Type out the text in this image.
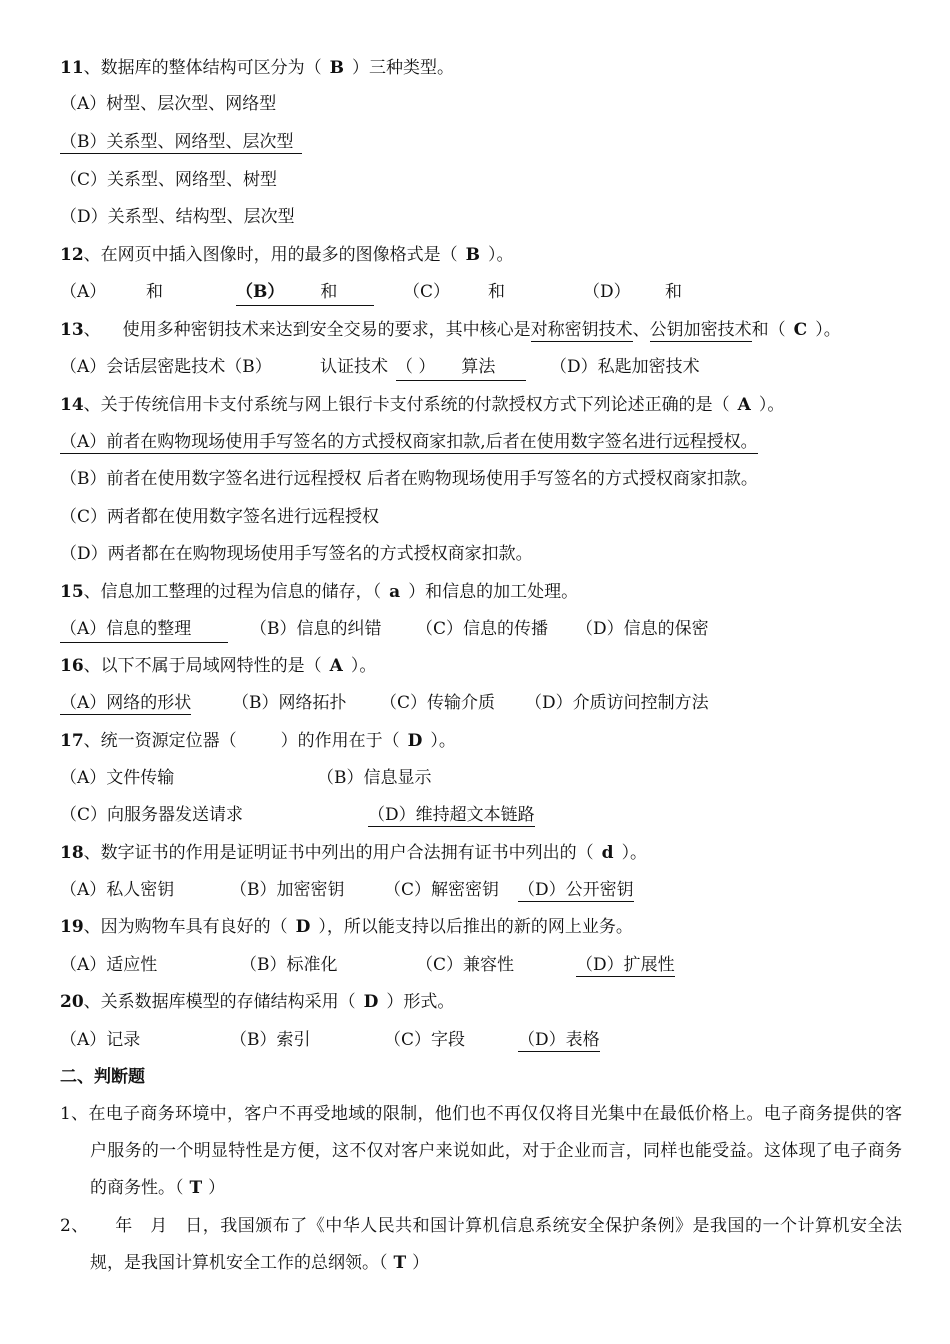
11、数据库的整体结构可区分为（ B ）三种类型。
（A）树型、层次型、网络型
（B）关系型、网络型、层次型
（C）关系型、网络型、树型
（D）关系型、结构型、层次型
12、在网页中插入图像时，用的最多的图像格式是（ B ）。
（A） 和	（B） 和	（C） 和	（D） 和
13、 使用多种密钥技术来达到安全交易的要求，其中核心是对称密钥技术、公钥加密技术和（ C ）。
（A）会话层密匙技术（B）	认证技术 （ ） 算法	（D）私匙加密技术
14、关于传统信用卡支付系统与网上银行卡支付系统的付款授权方式下列论述正确的是（ A ）。
（A）前者在购物现场使用手写签名的方式授权商家扣款,后者在使用数字签名进行远程授权。
（B）前者在使用数字签名进行远程授权 后者在购物现场使用手写签名的方式授权商家扣款。
（C）两者都在使用数字签名进行远程授权
（D）两者都在在购物现场使用手写签名的方式授权商家扣款。
15、信息加工整理的过程为信息的储存，（ a ）和信息的加工处理。
（A）信息的整理	（B）信息的纠错 （C）信息的传播 （D）信息的保密
16、以下不属于局域网特性的是（ A ）。
（A）网络的形状 （B）网络拓扑 （C）传输介质 （D）介质访问控制方法
17、统一资源定位器（	）的作用在于（ D ）。
（A）文件传输	（B）信息显示
（C）向服务器发送请求	（D）维持超文本链路
18、数字证书的作用是证明证书中列出的用户合法拥有证书中列出的（ d ）。
（A）私人密钥	（B）加密密钥 （C）解密密钥 （D）公开密钥
19、因为购物车具有良好的（ D ），所以能支持以后推出的新的网上业务。
（A）适应性	（B）标准化	（C）兼容性	（D）扩展性
20、关系数据库模型的存储结构采用（ D ）形式。
（A）记录	（B）索引	（C）字段	（D）表格
二、判断题
1、在电子商务环境中，客户不再受地域的限制，他们也不再仅仅将目光集中在最低价格上。电子商务提供的客户服务的一个明显特性是方便，这不仅对客户来说如此，对于企业而言，同样也能受益。这体现了电子商务的商务性。（ T ）
2、　　年　月　日，我国颁布了《中华人民共和国计算机信息系统安全保护条例》是我国的一个计算机安全法规，是我国计算机安全工作的总纲领。（ T ）
